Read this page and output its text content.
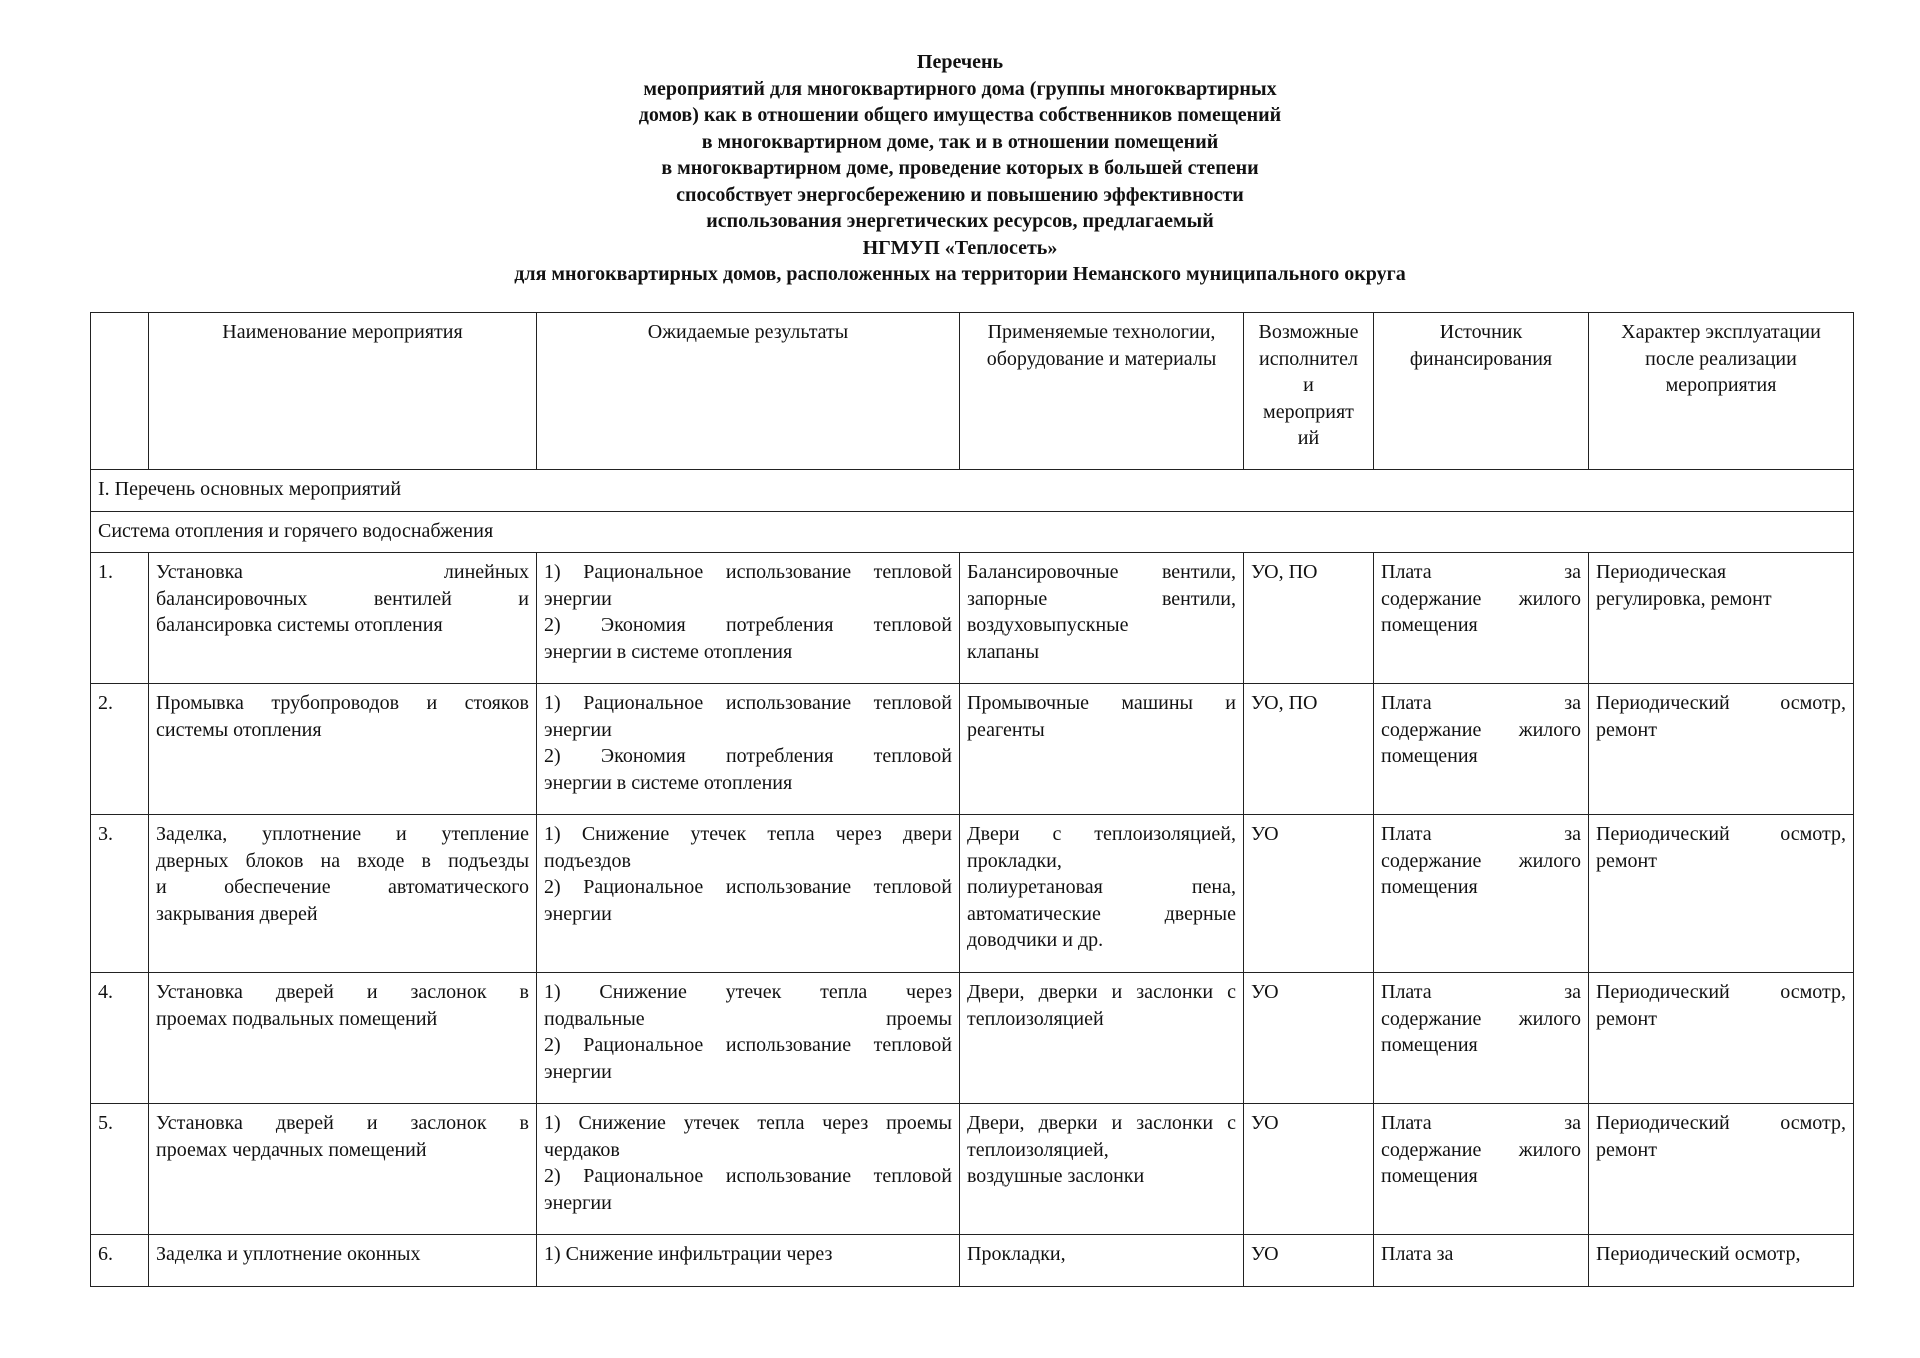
Перечень
мероприятий для многоквартирного дома (группы многоквартирных
домов) как в отношении общего имущества собственников помещений
в многоквартирном доме, так и в отношении помещений
в многоквартирном доме, проведение которых в большей степени
способствует энергосбережению и повышению эффективности
использования энергетических ресурсов, предлагаемый
НГМУП «Теплосеть»
для многоквартирных домов, расположенных на территории Неманского муниципального округа
	Наименование мероприятия	Ожидаемые результаты	Применяемые технологии,
оборудование и материалы	Возможные
исполнител
и
мероприят
ий	Источник
финансирования	Характер эксплуатации
после реализации
мероприятия

I. Перечень основных мероприятий						
Система отопления и горячего водоснабжения						
1.	Установка линейных
балансировочных вентилей и
балансировка системы отопления	1) Рациональное использование тепловой
энергии
2) Экономия потребления тепловой
энергии в системе отопления	Балансировочные вентили,
запорные вентили,
воздуховыпускные
клапаны	УО, ПО	Плата за
содержание жилого
помещения	Периодическая
регулировка, ремонт

2.	Промывка трубопроводов и стояков
системы отопления	1) Рациональное использование тепловой
энергии
2) Экономия потребления тепловой
энергии в системе отопления	Промывочные машины и
реагенты	УО, ПО	Плата за
содержание жилого
помещения	Периодический осмотр,
ремонт

3.	Заделка, уплотнение и утепление
дверных блоков на входе в подъезды
и обеспечение автоматического
закрывания дверей	1) Снижение утечек тепла через двери
подъездов
2) Рациональное использование тепловой
энергии	Двери с теплоизоляцией,
прокладки,
полиуретановая пена,
автоматические дверные
доводчики и др.	УО	Плата за
содержание жилого
помещения	Периодический осмотр,
ремонт

4.	Установка дверей и заслонок в
проемах подвальных помещений	1) Снижение утечек тепла через
подвальные проемы
2) Рациональное использование тепловой
энергии	Двери, дверки и заслонки с
теплоизоляцией	УО	Плата за
содержание жилого
помещения	Периодический осмотр,
ремонт

5.	Установка дверей и заслонок в
проемах чердачных помещений	1) Снижение утечек тепла через проемы
чердаков
2) Рациональное использование тепловой
энергии	Двери, дверки и заслонки с
теплоизоляцией,
воздушные заслонки	УО	Плата за
содержание жилого
помещения	Периодический осмотр,
ремонт

6.	Заделка и уплотнение оконных	1) Снижение инфильтрации через	Прокладки,	УО	Плата за	Периодический осмотр,
